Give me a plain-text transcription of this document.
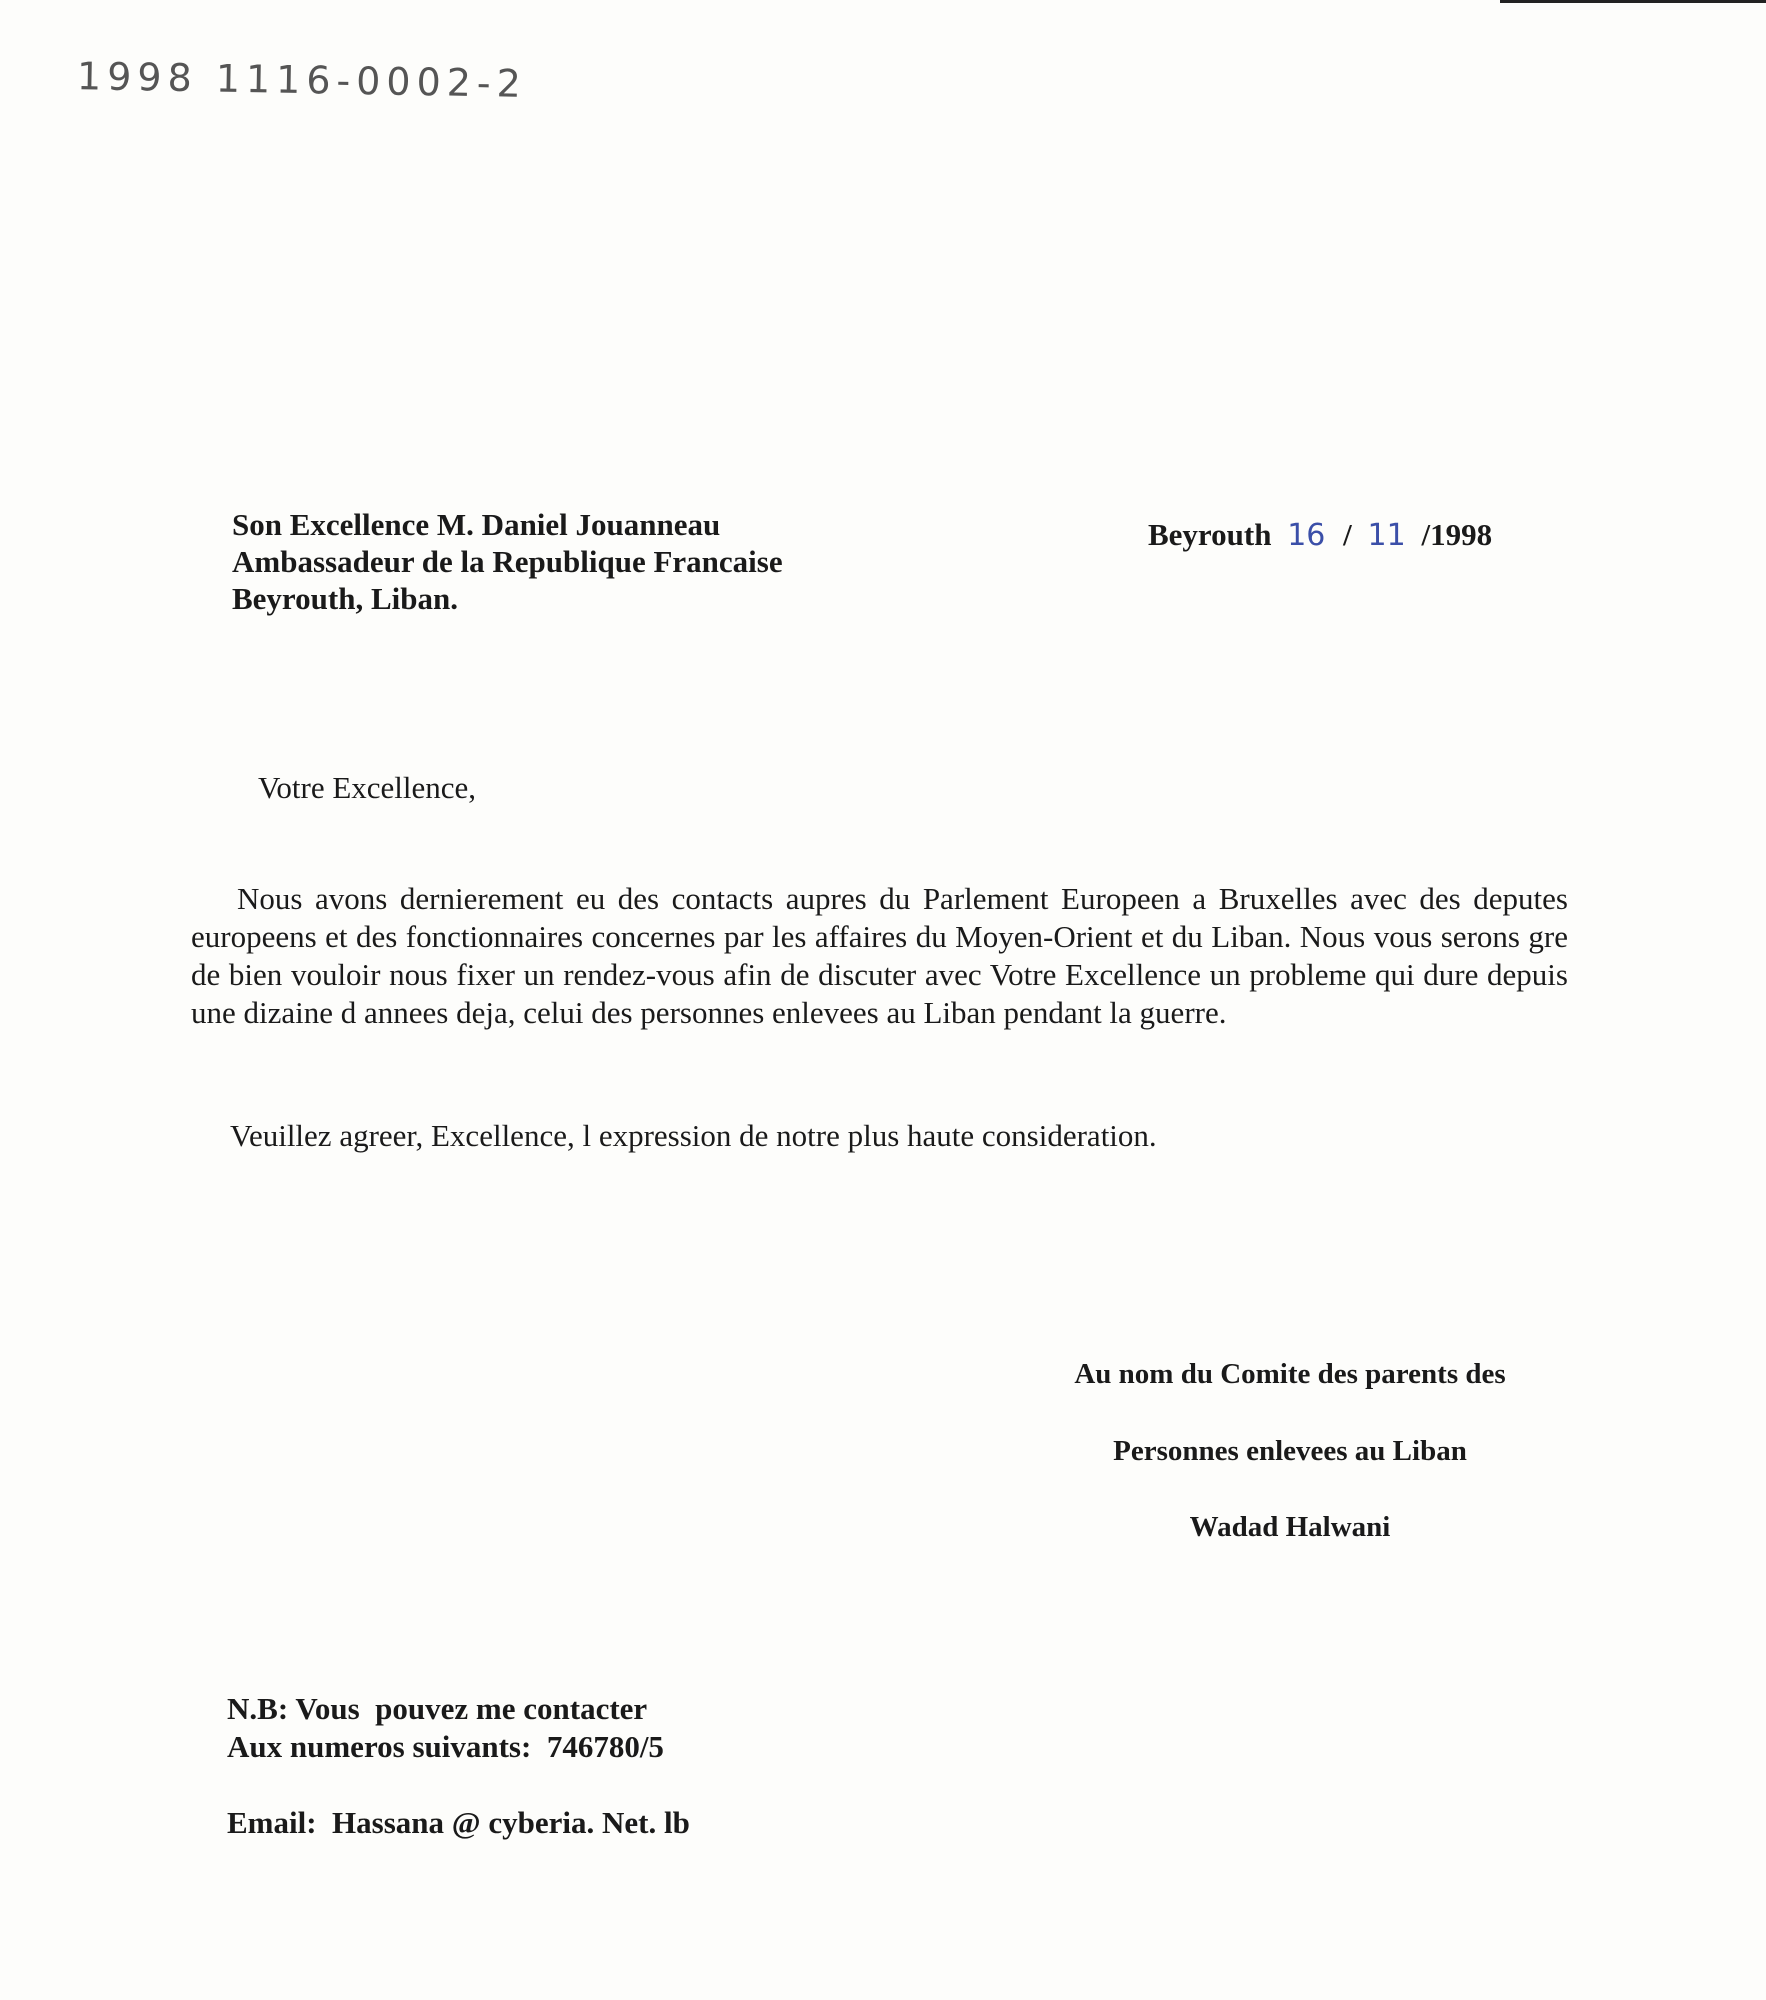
1998 1116-0002-2
Son Excellence M. Daniel Jouanneau
Ambassadeur de la Republique Francaise
Beyrouth, Liban.
Beyrouth 16 / 11 /1998
Votre Excellence,
Nous avons dernierement eu des contacts aupres du Parlement Europeen a Bruxelles avec des deputes europeens et des fonctionnaires concernes par les affaires du Moyen-Orient et du Liban. Nous vous serons gre de bien vouloir nous fixer un rendez-vous afin de discuter avec Votre Excellence un probleme qui dure depuis une dizaine d annees deja, celui des personnes enlevees au Liban pendant la guerre.
Veuillez agreer, Excellence, l expression de notre plus haute consideration.
Au nom du Comite des parents des
Personnes enlevees au Liban
Wadad Halwani
N.B: Vous  pouvez me contacter
Aux numeros suivants:  746780/5
Email:  Hassana @ cyberia. Net. lb
